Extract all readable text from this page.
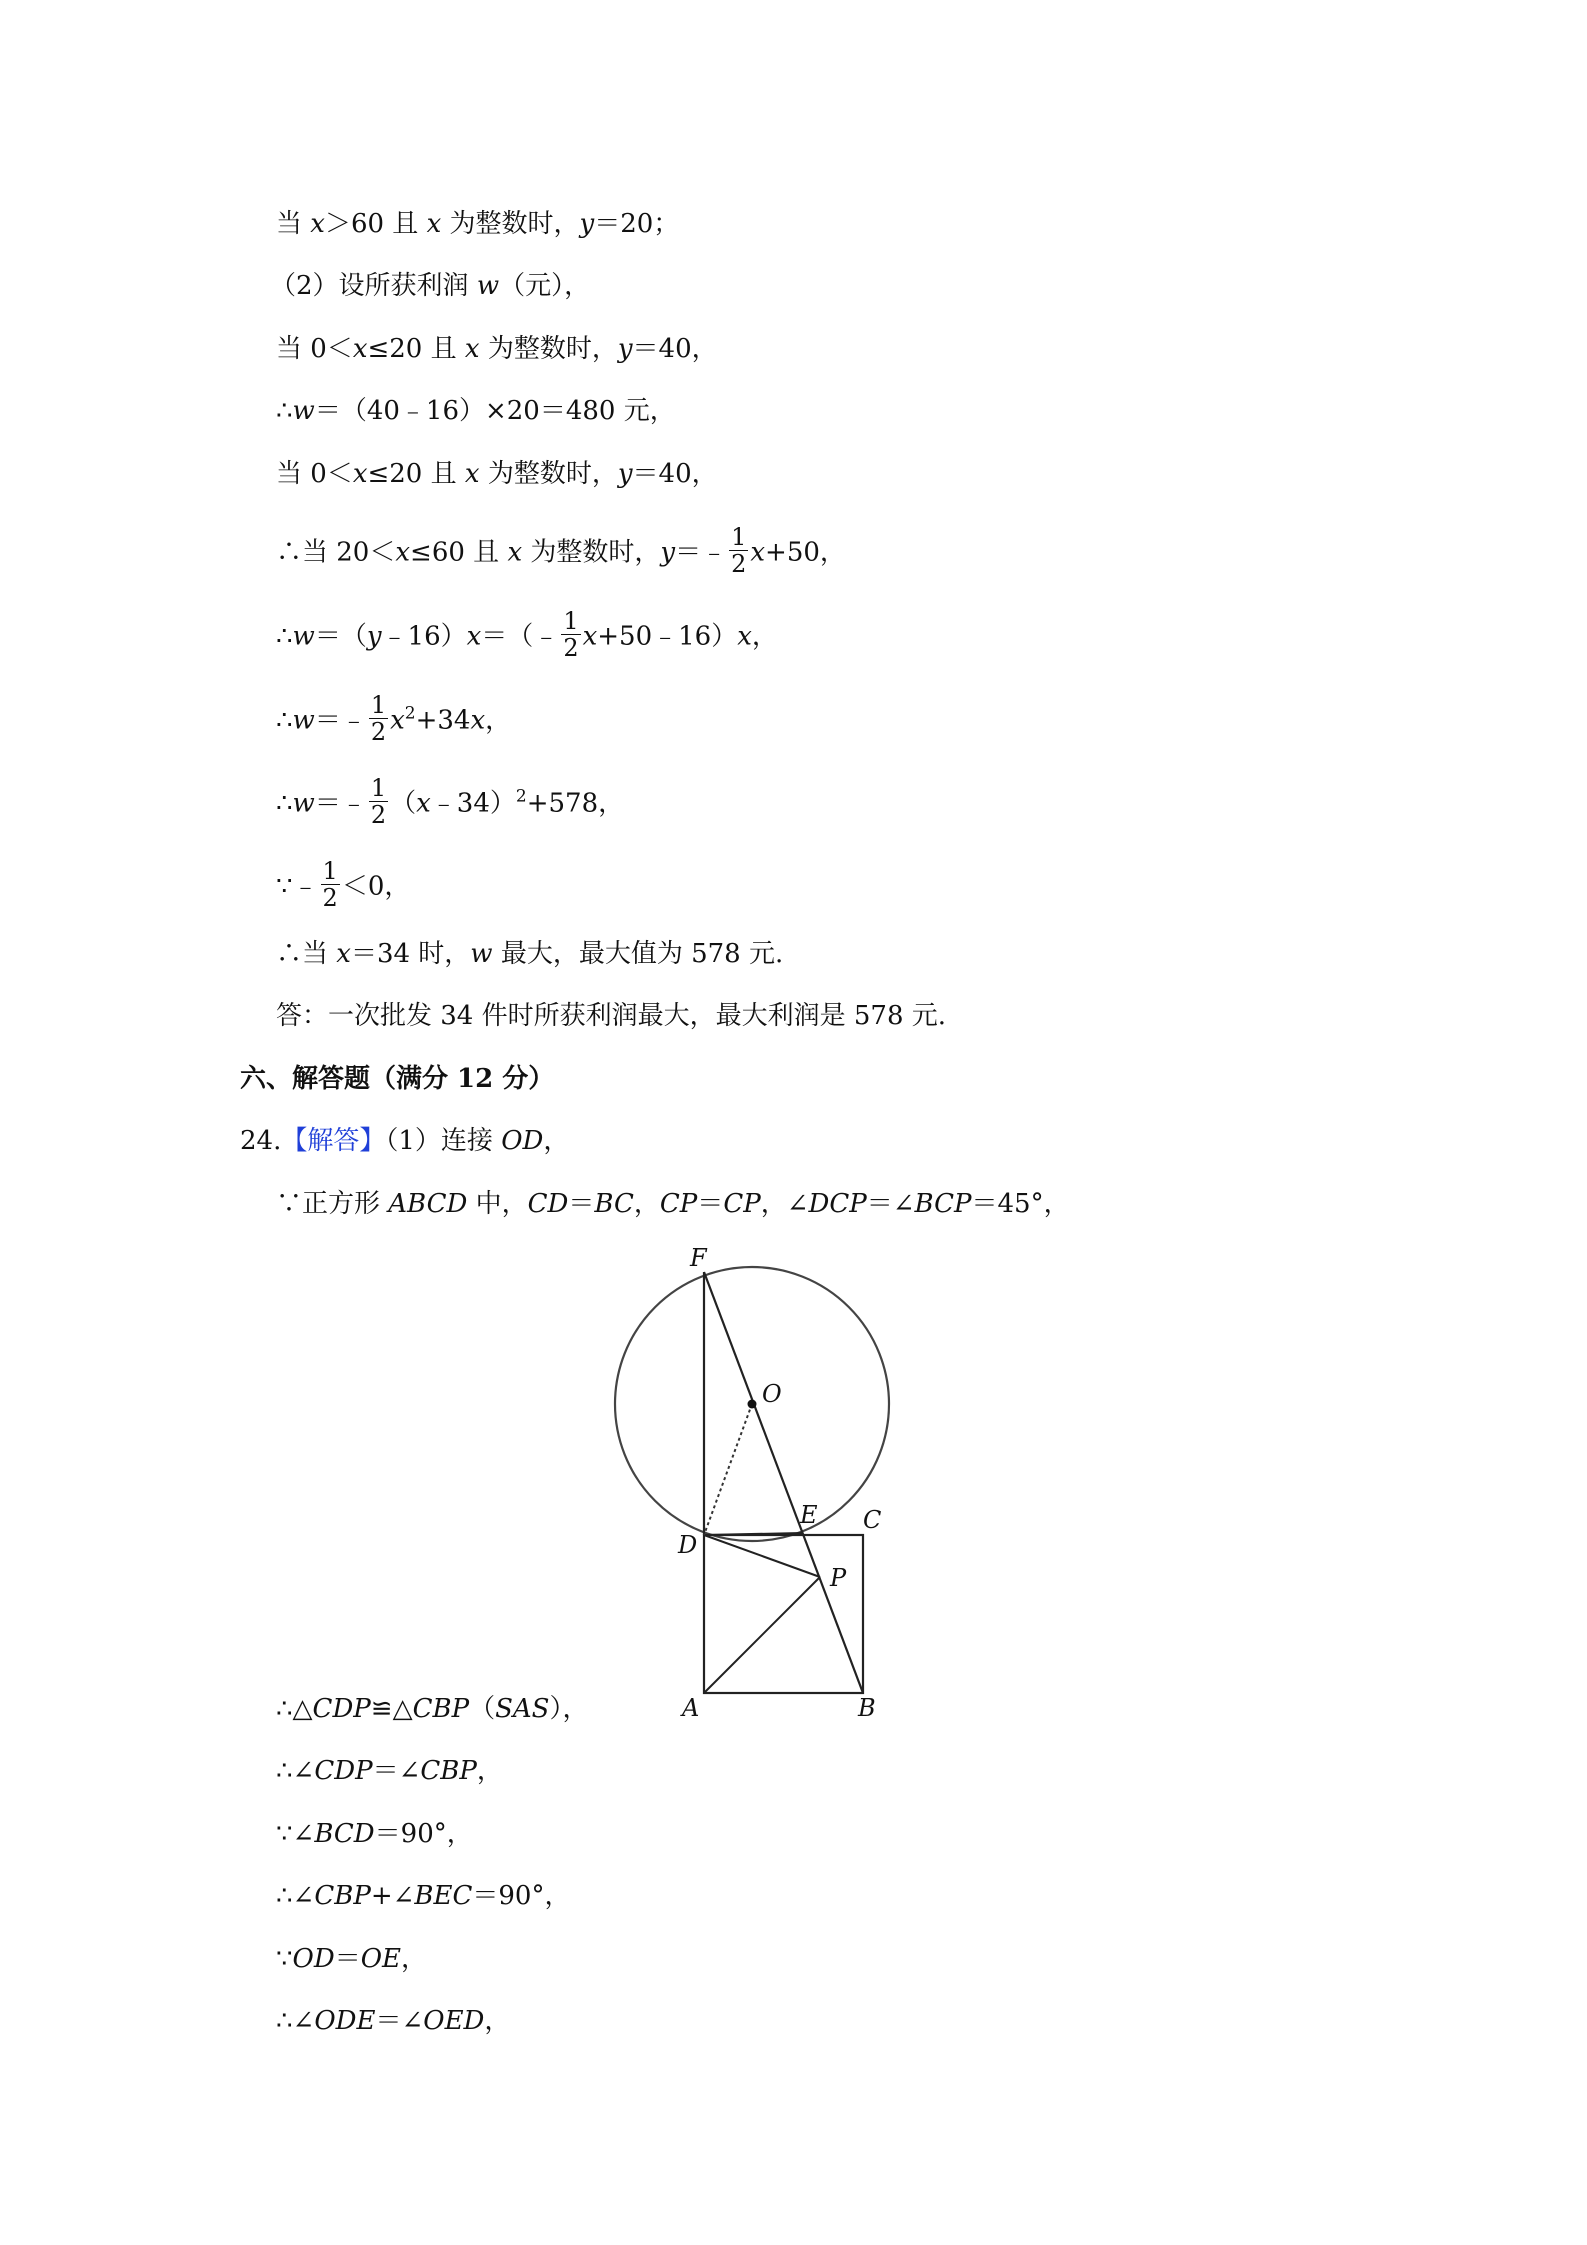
当 x＞60 且 x 为整数时，y＝20；
（2）设所获利润 w（元），
当 0＜x≤20 且 x 为整数时，y＝40，
∴w＝（40﹣16）×20＝480 元，
当 0＜x≤20 且 x 为整数时，y＝40，
∴当 20＜x≤60 且 x 为整数时，y＝﹣ $\frac{1}{2} x+50$，
∴w＝（y﹣16）x＝（﹣ $\frac{1}{2}$ x+50﹣16）x，
∴w＝﹣ $\frac{1}{2} x^2+34x$，
∴w＝﹣ $\frac{1}{2}$ （x﹣34）$^2$+578，
∵﹣ $\frac{1}{2} <0$，
∴当 x＝34 时，w 最大，最大值为 578 元.
答：一次批发 34 件时所获利润最大，最大利润是 578 元.
六、解答题（满分 12 分）
24.【解答】（1）连接 OD，
∵正方形 ABCD 中，CD＝BC，CP＝CP，∠DCP＝∠BCP＝45°，
F
O
E C
D
P
A	B
∴△CDP≌△CBP（SAS），
∴∠CDP＝∠CBP，
∵∠BCD＝90°，
∴∠CBP+∠BEC＝90°，
∵OD＝OE，
∴∠ODE＝∠OED，
